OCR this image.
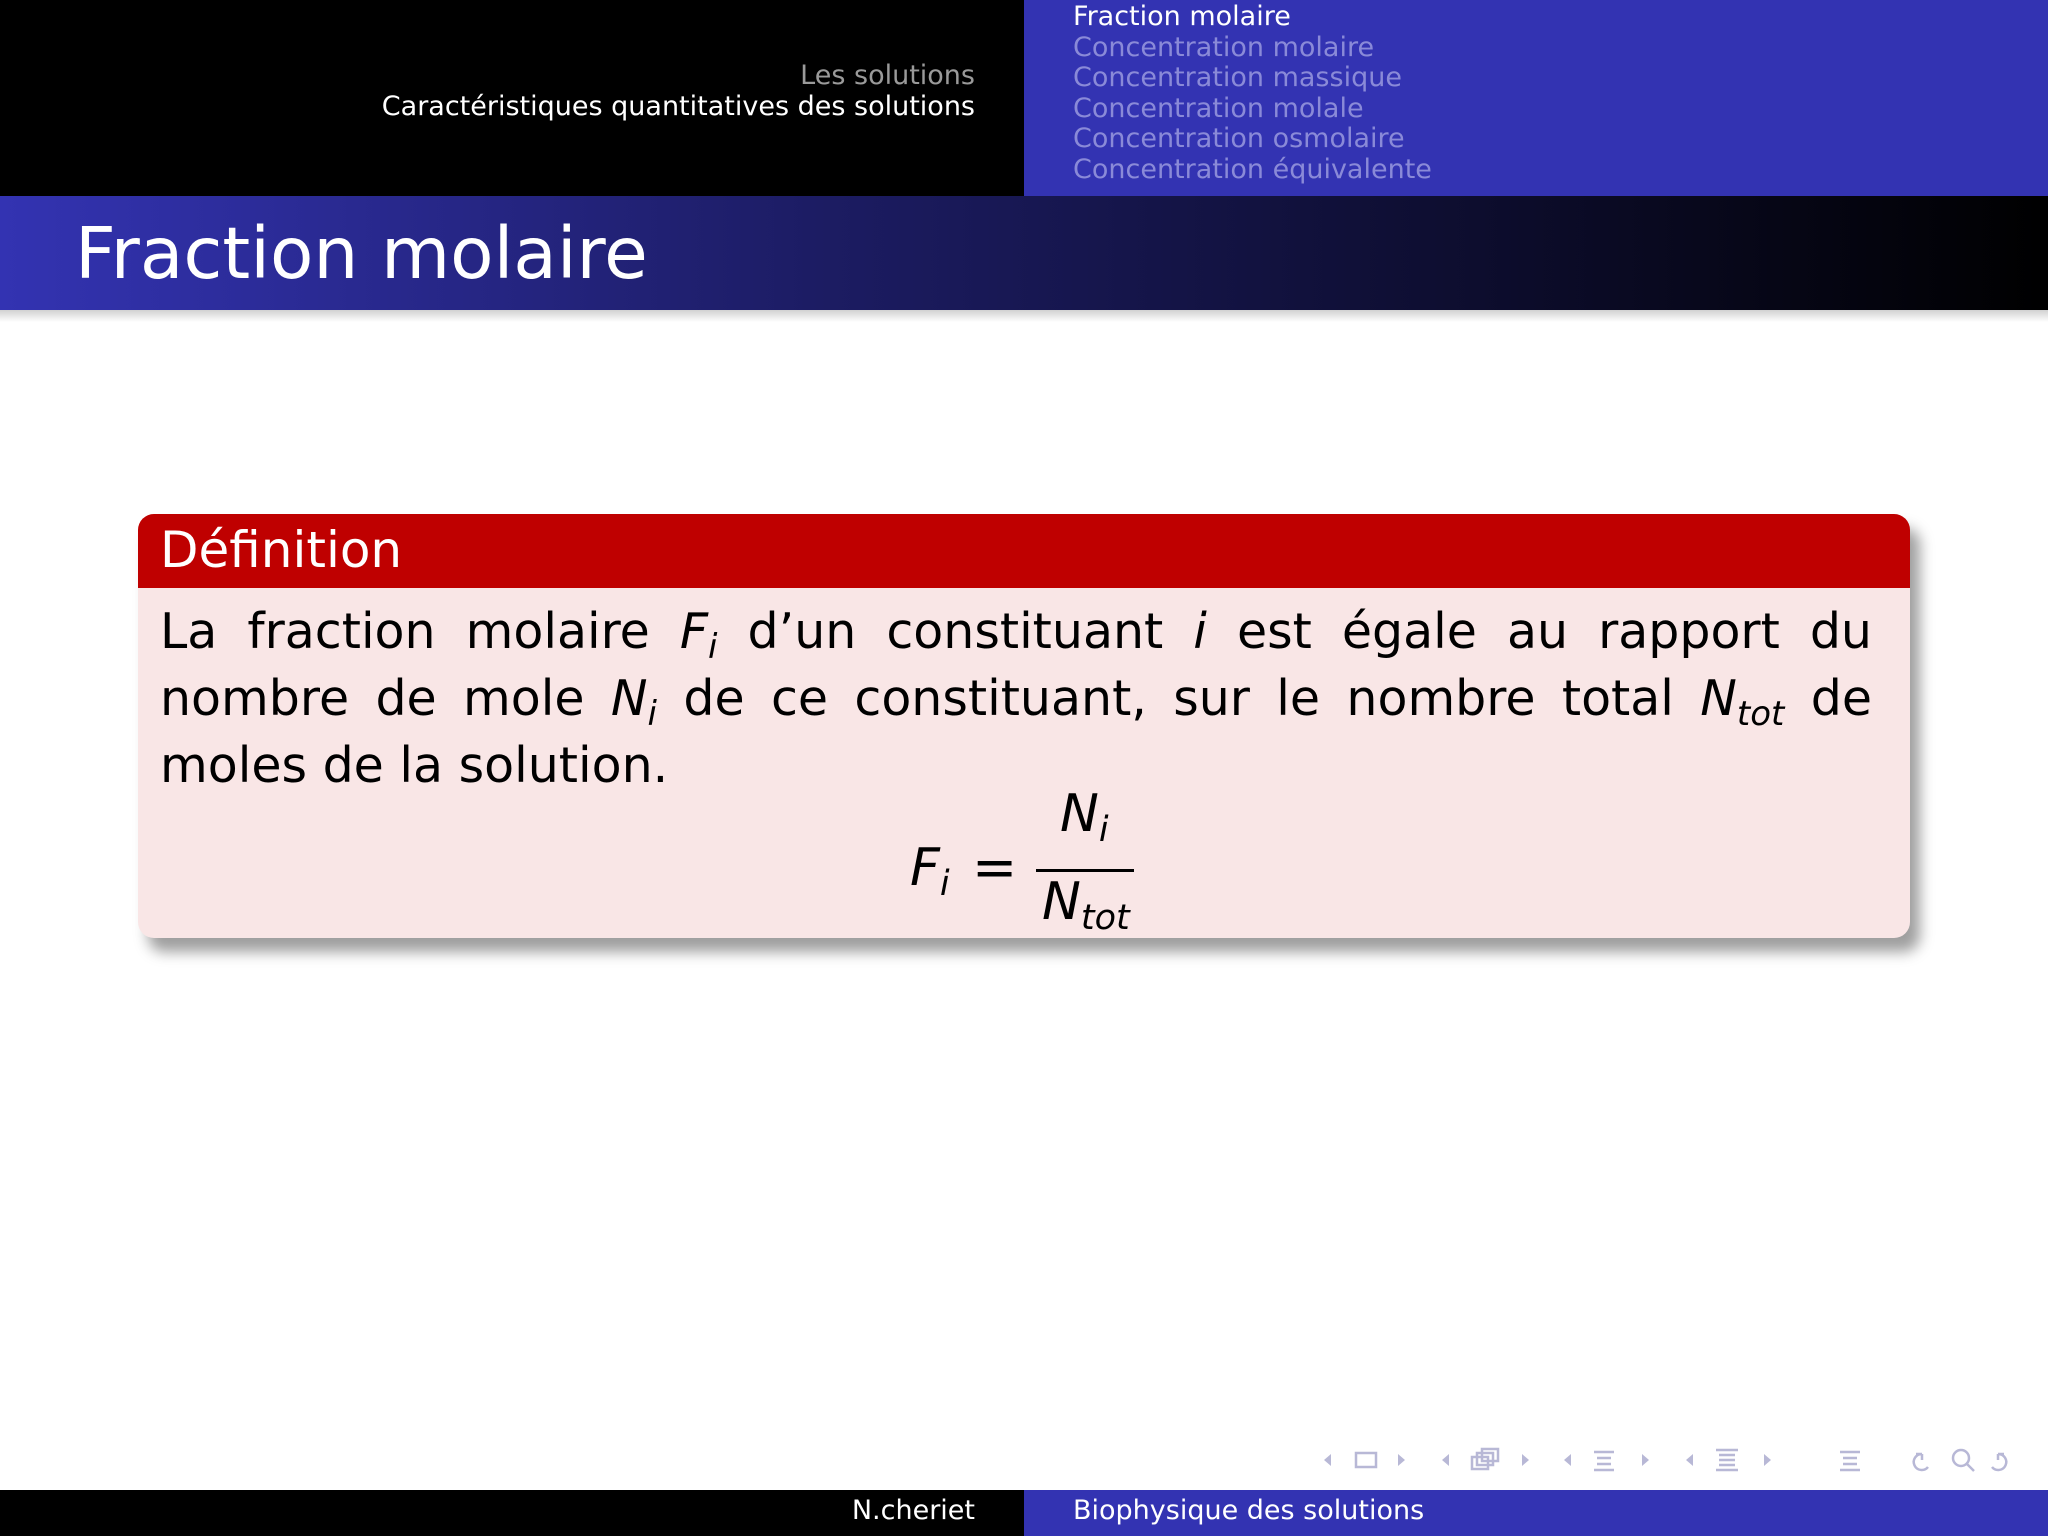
Les solutions
Caractéristiques quantitatives des solutions
Fraction molaire
Concentration molaire
Concentration massique
Concentration molale
Concentration osmolaire
Concentration équivalente
Fraction molaire
Définition
La fraction molaire $F_i$ d’un constituant i est égale au rapport du nombre de mole $N_i$ de ce constituant, sur le nombre total $N_{tot}$ de moles de la solution.
$F_i$ =
$N_i$
$N_{tot}$
N.cheriet	Biophysique des solutions
